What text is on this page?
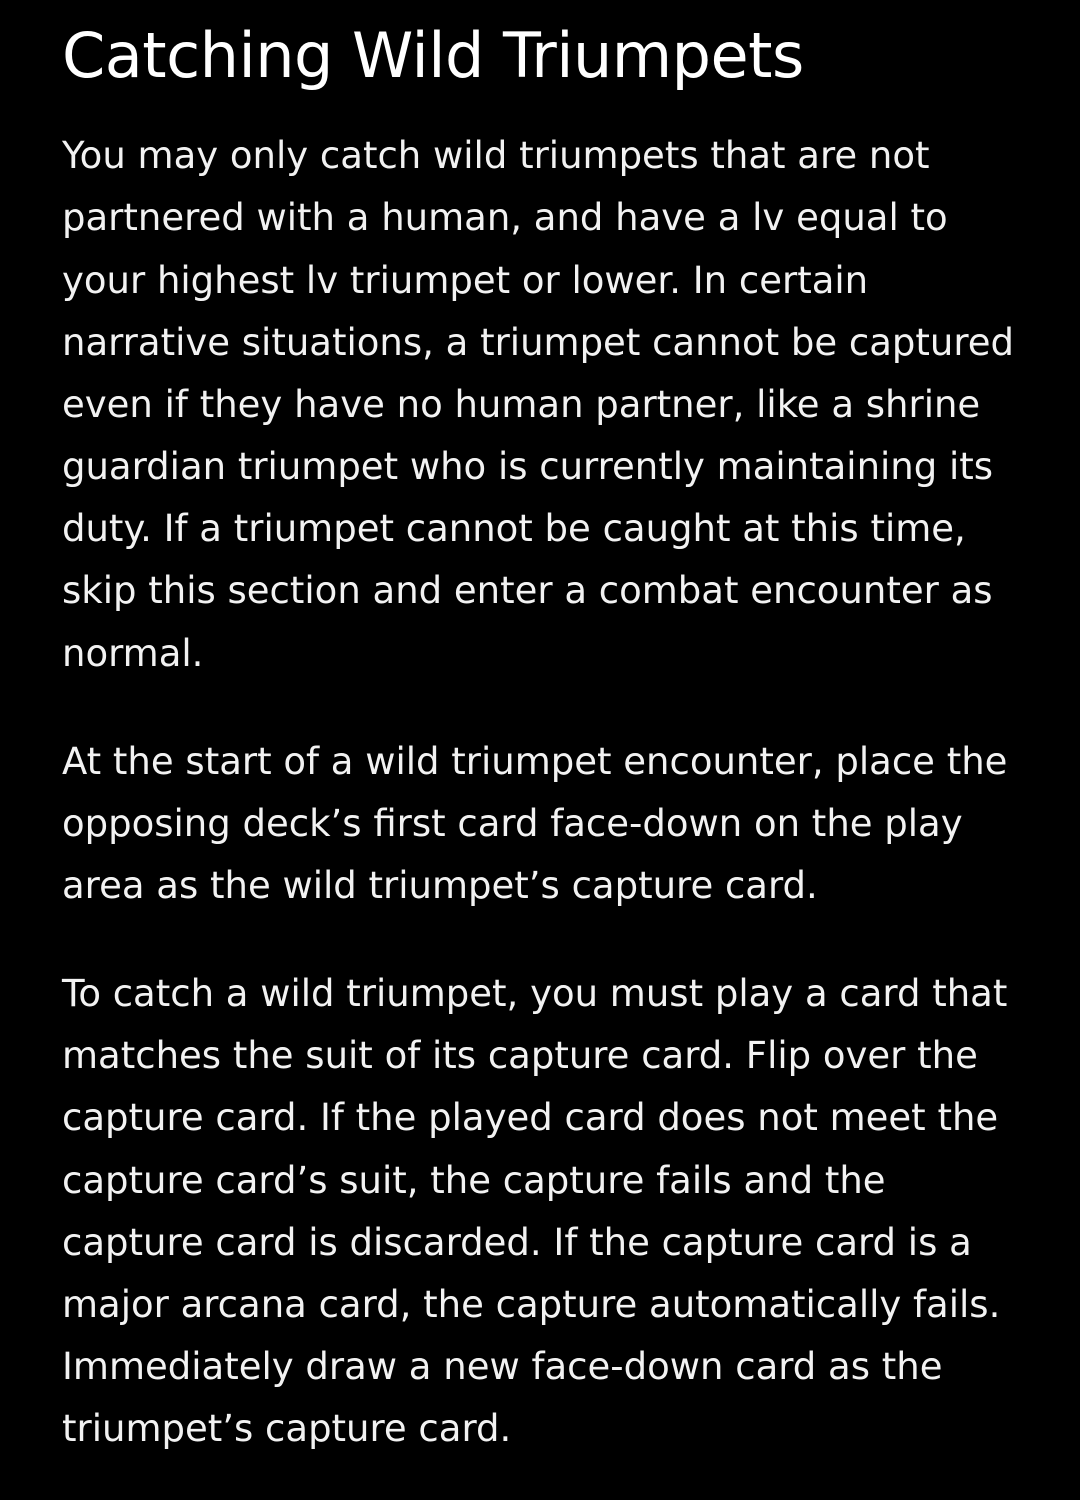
Catching Wild Triumpets

You may only catch wild triumpets that are not partnered with a human, and have a lv equal to your highest lv triumpet or lower. In certain narrative situations, a triumpet cannot be captured even if they have no human partner, like a shrine guardian triumpet who is currently maintaining its duty. If a triumpet cannot be caught at this time, skip this section and enter a combat encounter as normal.

At the start of a wild triumpet encounter, place the opposing deck’s first card face-down on the play area as the wild triumpet’s capture card.

To catch a wild triumpet, you must play a card that matches the suit of its capture card. Flip over the capture card. If the played card does not meet the capture card’s suit, the capture fails and the capture card is discarded. If the capture card is a major arcana card, the capture automatically fails. Immediately draw a new face-down card as the triumpet’s capture card.
